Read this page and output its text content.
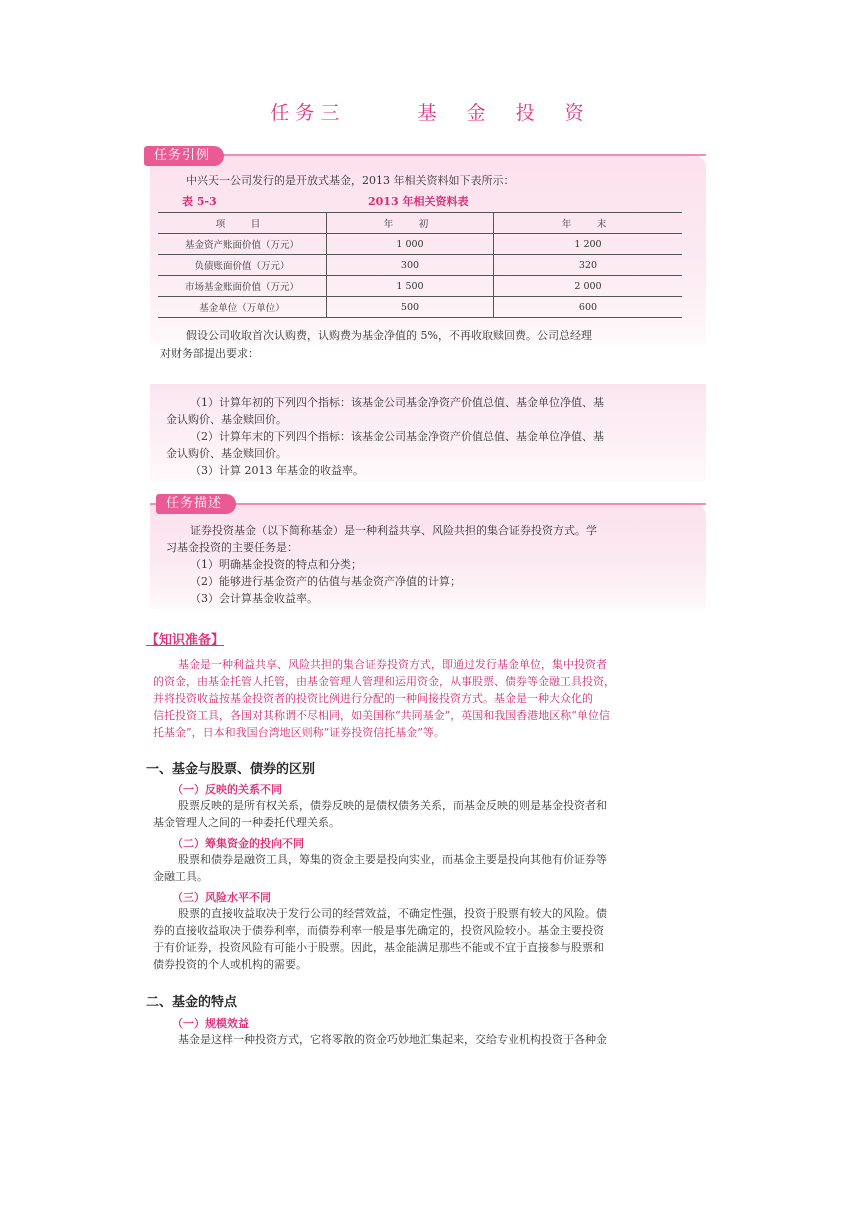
任务三   基 金 投 资
任务引例
中兴天一公司发行的是开放式基金，2013 年相关资料如下表所示：
表 5-3	2013 年相关资料表
项　目	年　初	年　末
基金资产账面价值（万元）	1 000	1 200
负债账面价值（万元）	300	320
市场基金账面价值（万元）	1 500	2 000
基金单位（万单位）	500	600
假设公司收取首次认购费，认购费为基金净值的 5%，不再收取赎回费。公司总经理
对财务部提出要求：
（1）计算年初的下列四个指标：该基金公司基金净资产价值总值、基金单位净值、基
金认购价、基金赎回价。
（2）计算年末的下列四个指标：该基金公司基金净资产价值总值、基金单位净值、基
金认购价、基金赎回价。
（3）计算 2013 年基金的收益率。
任务描述
证券投资基金（以下简称基金）是一种利益共享、风险共担的集合证券投资方式。学
习基金投资的主要任务是：
（1）明确基金投资的特点和分类；
（2）能够进行基金资产的估值与基金资产净值的计算；
（3）会计算基金收益率。
【知识准备】
基金是一种利益共享、风险共担的集合证券投资方式，即通过发行基金单位，集中投资者
的资金，由基金托管人托管，由基金管理人管理和运用资金，从事股票、债券等金融工具投资，
并将投资收益按基金投资者的投资比例进行分配的一种间接投资方式。基金是一种大众化的
信托投资工具，各国对其称谓不尽相同，如美国称“共同基金”，英国和我国香港地区称“单位信
托基金”，日本和我国台湾地区则称“证券投资信托基金”等。
一、基金与股票、债券的区别
（一）反映的关系不同
股票反映的是所有权关系，债券反映的是债权债务关系，而基金反映的则是基金投资者和
基金管理人之间的一种委托代理关系。
（二）筹集资金的投向不同
股票和债券是融资工具，筹集的资金主要是投向实业，而基金主要是投向其他有价证券等
金融工具。
（三）风险水平不同
股票的直接收益取决于发行公司的经营效益，不确定性强，投资于股票有较大的风险。债
券的直接收益取决于债券利率，而债券利率一般是事先确定的，投资风险较小。基金主要投资
于有价证券，投资风险有可能小于股票。因此，基金能满足那些不能或不宜于直接参与股票和
债券投资的个人或机构的需要。
二、基金的特点
（一）规模效益
基金是这样一种投资方式，它将零散的资金巧妙地汇集起来，交给专业机构投资于各种金
